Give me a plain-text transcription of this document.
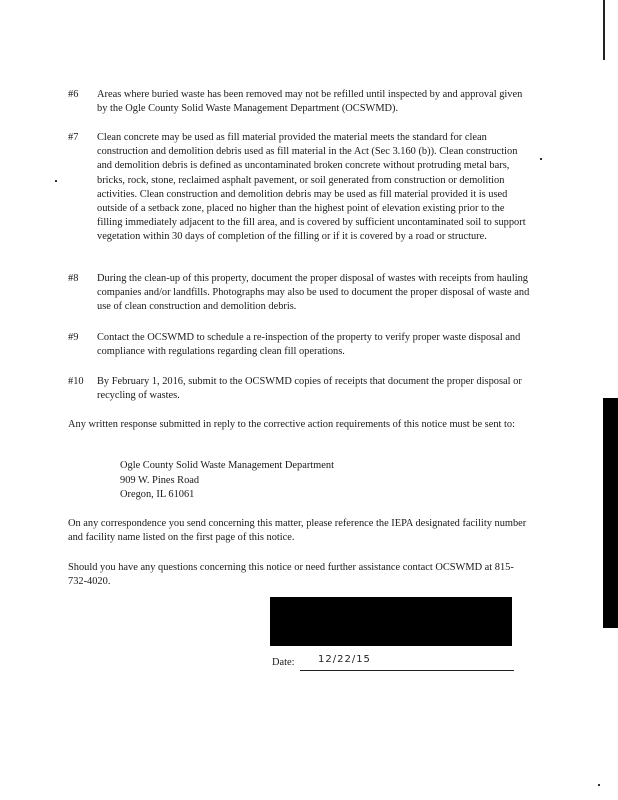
#6	Areas where buried waste has been removed may not be refilled until inspected by and approval given by the Ogle County Solid Waste Management Department (OCSWMD).
#7	Clean concrete may be used as fill material provided the material meets the standard for clean construction and demolition debris used as fill material in the Act (Sec 3.160 (b)). Clean construction and demolition debris is defined as uncontaminated broken concrete without protruding metal bars, bricks, rock, stone, reclaimed asphalt pavement, or soil generated from construction or demolition activities. Clean construction and demolition debris may be used as fill material provided it is used outside of a setback zone, placed no higher than the highest point of elevation existing prior to the filling immediately adjacent to the fill area, and is covered by sufficient uncontaminated soil to support vegetation within 30 days of completion of the filling or if it is covered by a road or structure.
#8	During the clean-up of this property, document the proper disposal of wastes with receipts from hauling companies and/or landfills. Photographs may also be used to document the proper disposal of waste and use of clean construction and demolition debris.
#9	Contact the OCSWMD to schedule a re-inspection of the property to verify proper waste disposal and compliance with regulations regarding clean fill operations.
#10	By February 1, 2016, submit to the OCSWMD copies of receipts that document the proper disposal or recycling of wastes.
Any written response submitted in reply to the corrective action requirements of this notice must be sent to:
Ogle County Solid Waste Management Department
909 W. Pines Road
Oregon, IL 61061
On any correspondence you send concerning this matter, please reference the IEPA designated facility number and facility name listed on the first page of this notice.
Should you have any questions concerning this notice or need further assistance contact OCSWMD at 815-732-4020.
Date: 12/22/15
